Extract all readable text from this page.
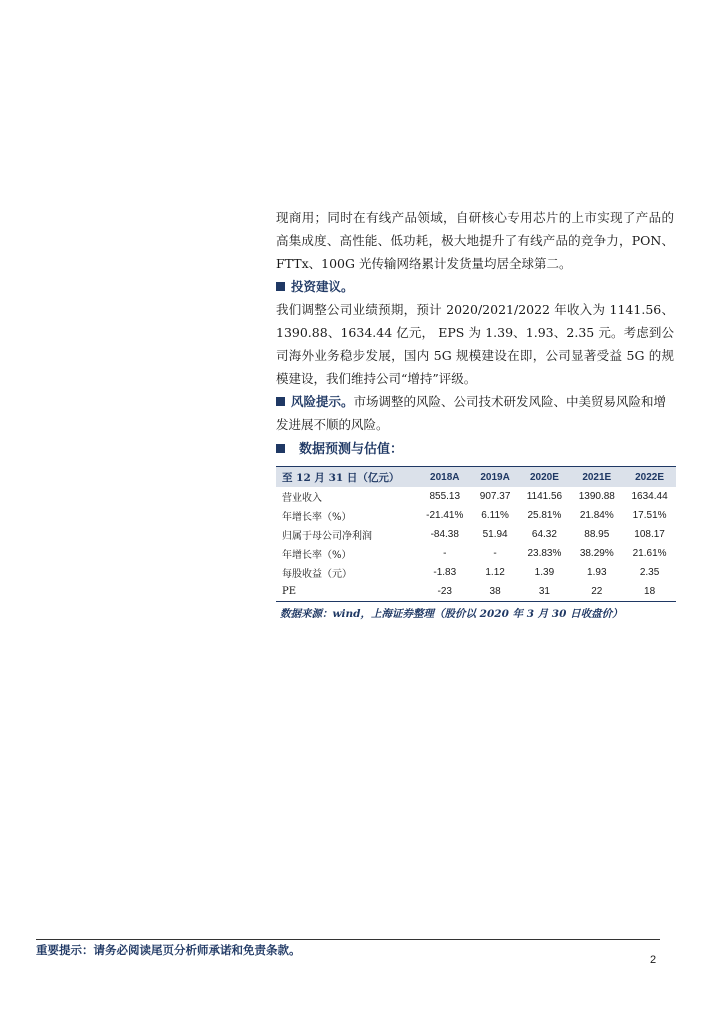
现商用；同时在有线产品领域，自研核心专用芯片的上市实现了产品的高集成度、高性能、低功耗，极大地提升了有线产品的竞争力，PON、FTTx、100G 光传输网络累计发货量均居全球第二。

投资建议。

我们调整公司业绩预期，预计 2020/2021/2022 年收入为 1141.56、1390.88、1634.44 亿元， EPS 为 1.39、1.93、2.35 元。考虑到公司海外业务稳步发展，国内 5G 规模建设在即，公司显著受益 5G 的规模建设，我们维持公司“增持”评级。

风险提示。市场调整的风险、公司技术研发风险、中美贸易风险和增发进展不顺的风险。

数据预测与估值：

至 12 月 31 日（亿元）	2018A	2019A	2020E	2021E	2022E
营业收入	855.13	907.37	1141.56	1390.88	1634.44
年增长率（%）	-21.41%	6.11%	25.81%	21.84%	17.51%
归属于母公司净利润	-84.38	51.94	64.32	88.95	108.17
年增长率（%）	-	-	23.83%	38.29%	21.61%
每股收益（元）	-1.83	1.12	1.39	1.93	2.35
PE	-23	38	31	22	18

数据来源：wind，上海证券整理（股价以 2020 年 3 月 30 日收盘价）

重要提示：请务必阅读尾页分析师承诺和免责条款。
2
